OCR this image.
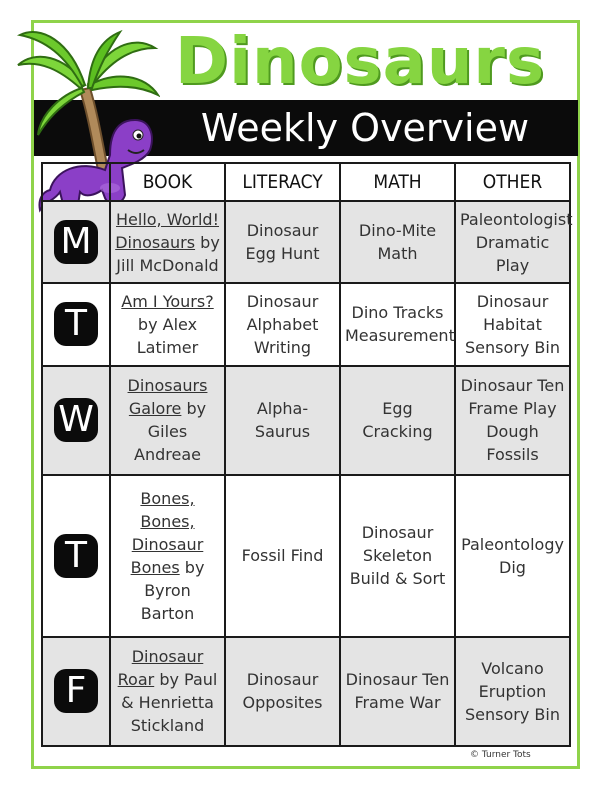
Dinosaurs
Weekly Overview
	BOOK	LITERACY	MATH	OTHER
M	Hello, World! Dinosaurs by Jill McDonald	Dinosaur Egg Hunt	Dino-Mite Math	Paleontologist Dramatic Play
T	Am I Yours? by Alex Latimer	Dinosaur Alphabet Writing	Dino Tracks Measurement	Dinosaur Habitat Sensory Bin
W	Dinosaurs Galore by Giles Andreae	Alpha-Saurus	Egg Cracking	Dinosaur Ten Frame Play Dough Fossils
T	Bones, Bones, Dinosaur Bones by Byron Barton	Fossil Find	Dinosaur Skeleton Build & Sort	Paleontology Dig
F	Dinosaur Roar by Paul & Henrietta Stickland	Dinosaur Opposites	Dinosaur Ten Frame War	Volcano Eruption Sensory Bin
© Turner Tots
